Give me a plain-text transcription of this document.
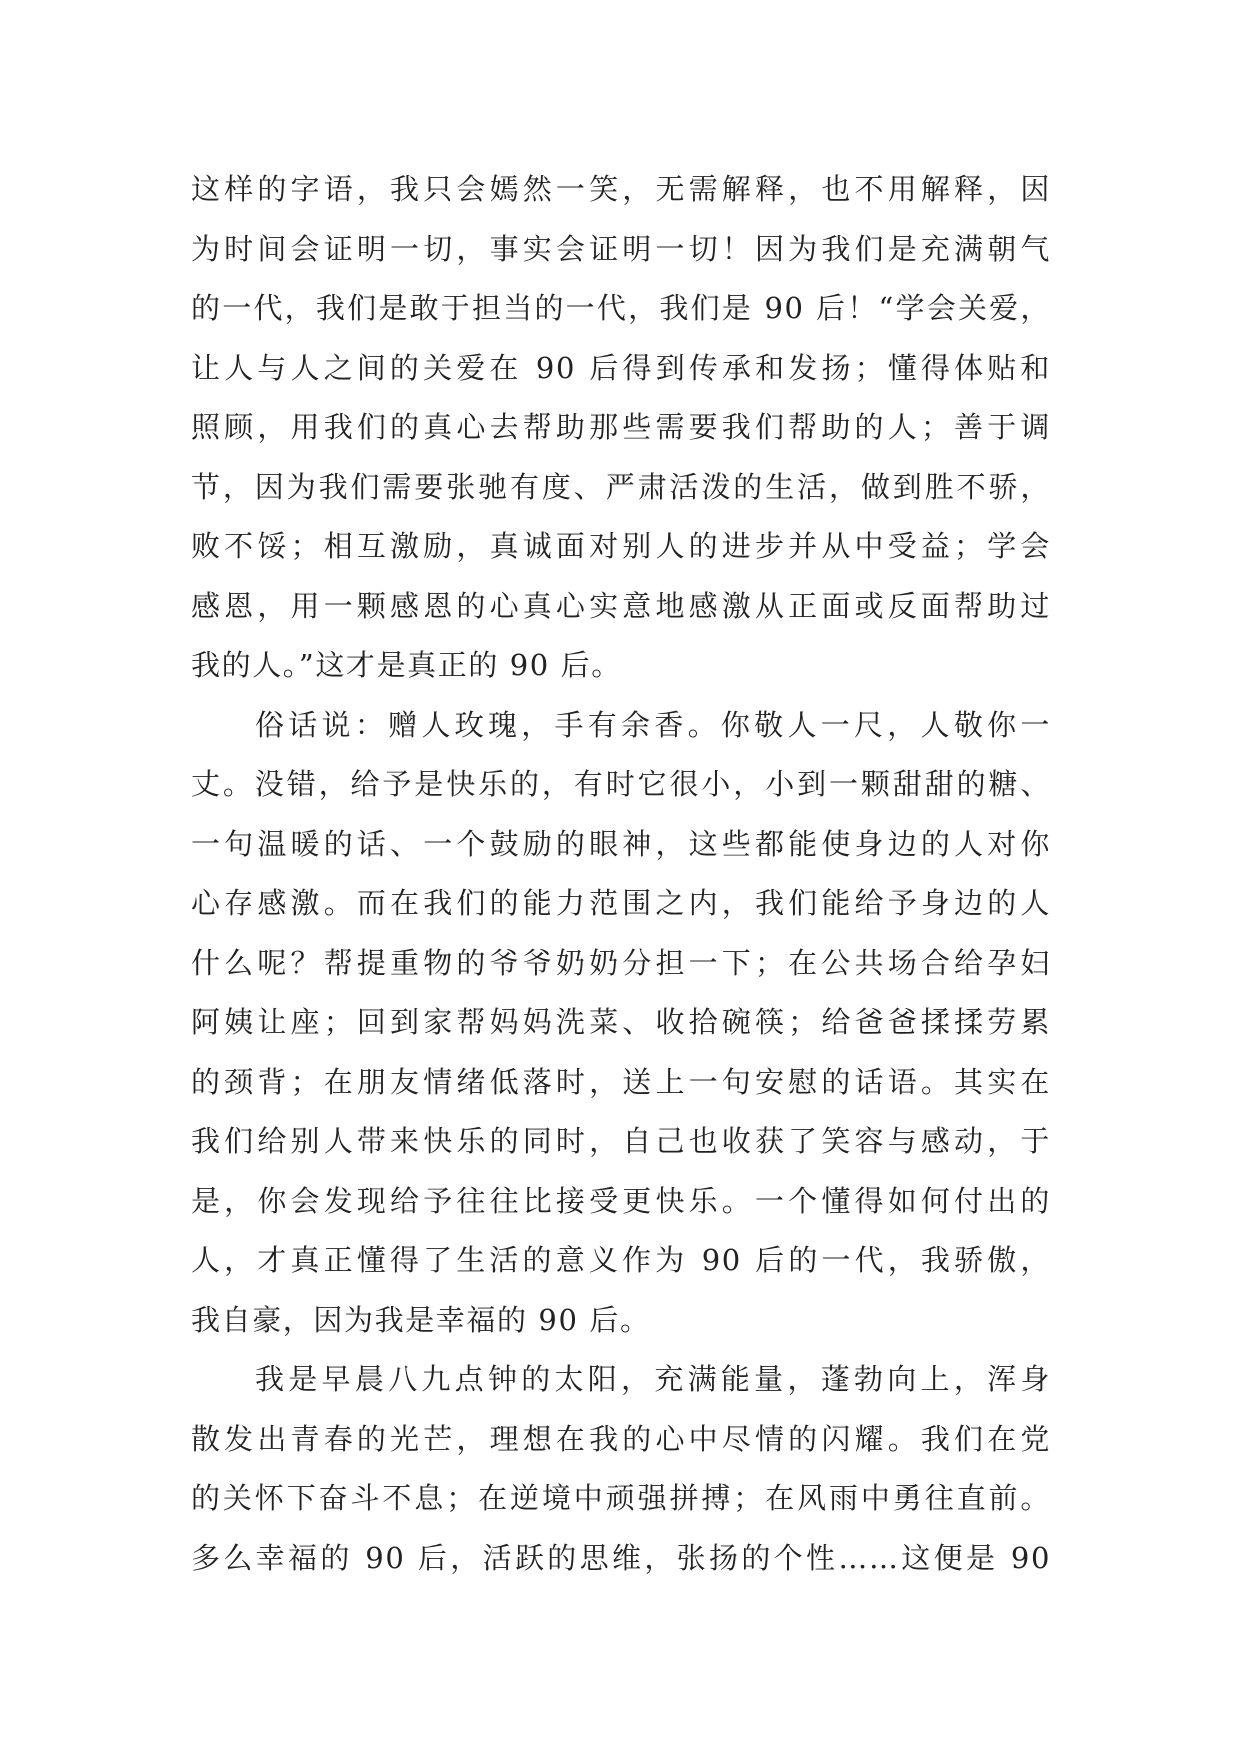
这样的字语，我只会嫣然一笑，无需解释，也不用解释，因
为时间会证明一切，事实会证明一切！因为我们是充满朝气
的一代，我们是敢于担当的一代，我们是 90 后！“学会关爱，
让人与人之间的关爱在 90 后得到传承和发扬；懂得体贴和
照顾，用我们的真心去帮助那些需要我们帮助的人；善于调
节，因为我们需要张驰有度、严肃活泼的生活，做到胜不骄，
败不馁；相互激励，真诚面对别人的进步并从中受益；学会
感恩，用一颗感恩的心真心实意地感激从正面或反面帮助过
我的人。”这才是真正的 90 后。
俗话说：赠人玫瑰，手有余香。你敬人一尺，人敬你一
丈。没错，给予是快乐的，有时它很小，小到一颗甜甜的糖、
一句温暖的话、一个鼓励的眼神，这些都能使身边的人对你
心存感激。而在我们的能力范围之内，我们能给予身边的人
什么呢？帮提重物的爷爷奶奶分担一下；在公共场合给孕妇
阿姨让座；回到家帮妈妈洗菜、收拾碗筷；给爸爸揉揉劳累
的颈背；在朋友情绪低落时，送上一句安慰的话语。其实在
我们给别人带来快乐的同时，自己也收获了笑容与感动，于
是，你会发现给予往往比接受更快乐。一个懂得如何付出的
人，才真正懂得了生活的意义作为 90 后的一代，我骄傲，
我自豪，因为我是幸福的 90 后。
我是早晨八九点钟的太阳，充满能量，蓬勃向上，浑身
散发出青春的光芒，理想在我的心中尽情的闪耀。我们在党
的关怀下奋斗不息；在逆境中顽强拼搏；在风雨中勇往直前。
多么幸福的 90 后，活跃的思维，张扬的个性……这便是 90
